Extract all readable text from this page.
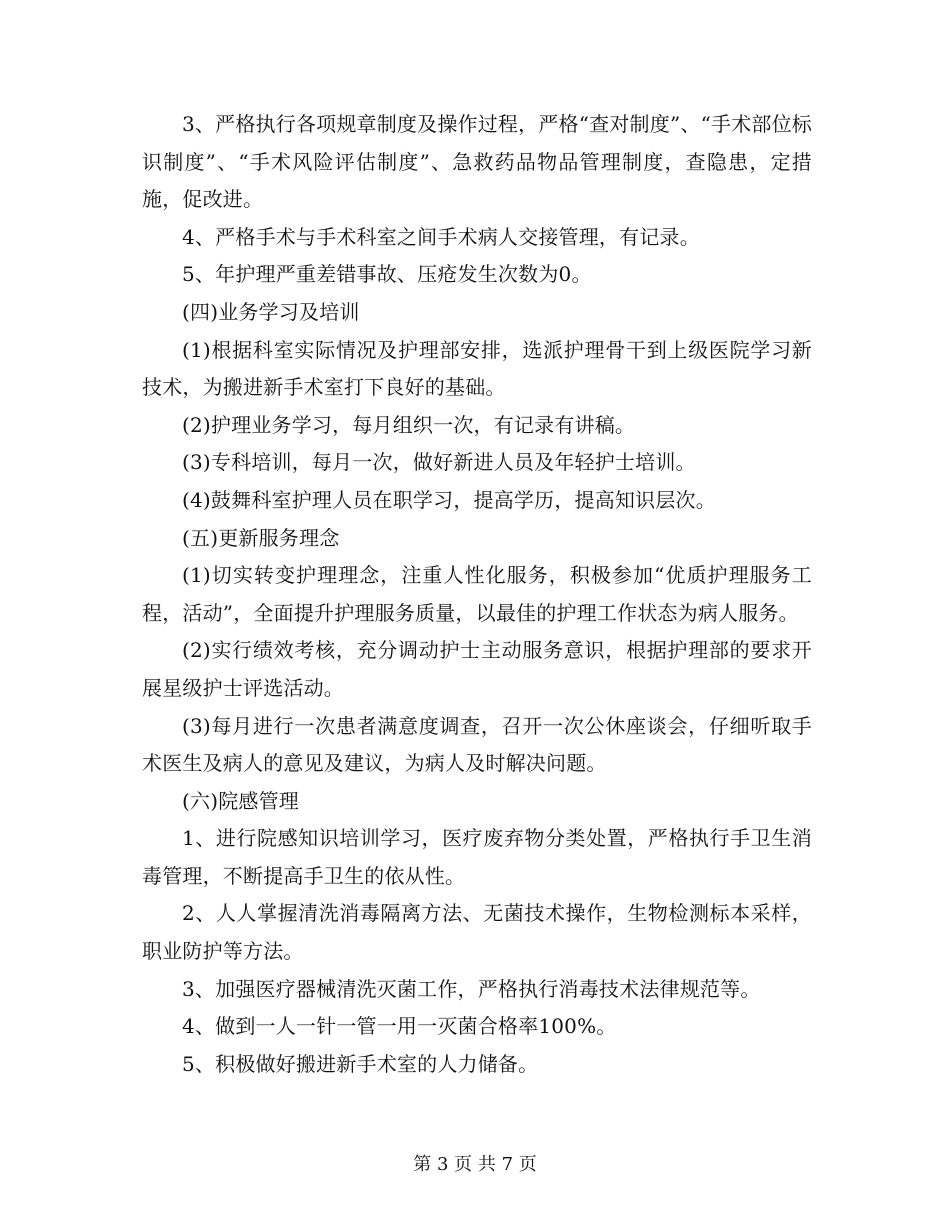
3、严格执行各项规章制度及操作过程，严格“查对制度”、“手术部位标识制度”、“手术风险评估制度”、急救药品物品管理制度，查隐患，定措施，促改进。

4、严格手术与手术科室之间手术病人交接管理，有记录。

5、年护理严重差错事故、压疮发生次数为0。

(四)业务学习及培训

(1)根据科室实际情况及护理部安排，选派护理骨干到上级医院学习新技术，为搬进新手术室打下良好的基础。

(2)护理业务学习，每月组织一次，有记录有讲稿。

(3)专科培训，每月一次，做好新进人员及年轻护士培训。

(4)鼓舞科室护理人员在职学习，提高学历，提高知识层次。

(五)更新服务理念

(1)切实转变护理理念，注重人性化服务，积极参加“优质护理服务工程，活动”，全面提升护理服务质量，以最佳的护理工作状态为病人服务。

(2)实行绩效考核，充分调动护士主动服务意识，根据护理部的要求开展星级护士评选活动。

(3)每月进行一次患者满意度调查，召开一次公休座谈会，仔细听取手术医生及病人的意见及建议，为病人及时解决问题。

(六)院感管理

1、进行院感知识培训学习，医疗废弃物分类处置，严格执行手卫生消毒管理，不断提高手卫生的依从性。

2、人人掌握清洗消毒隔离方法、无菌技术操作，生物检测标本采样，职业防护等方法。

3、加强医疗器械清洗灭菌工作，严格执行消毒技术法律规范等。

4、做到一人一针一管一用一灭菌合格率100%。

5、积极做好搬进新手术室的人力储备。

第 3 页 共 7 页
